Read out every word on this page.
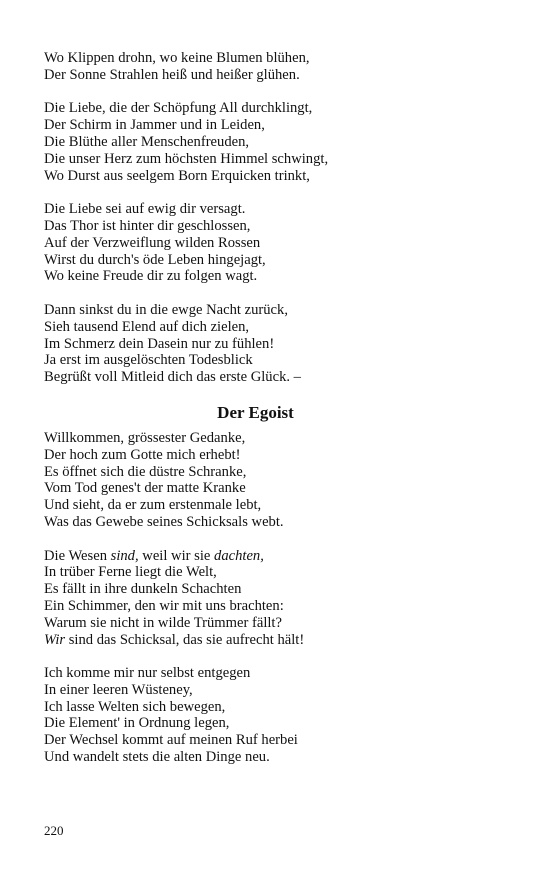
Wo Klippen drohn, wo keine Blumen blühen,
Der Sonne Strahlen heiß und heißer glühen.
Die Liebe, die der Schöpfung All durchklingt,
Der Schirm in Jammer und in Leiden,
Die Blüthe aller Menschenfreuden,
Die unser Herz zum höchsten Himmel schwingt,
Wo Durst aus seelgem Born Erquicken trinkt,
Die Liebe sei auf ewig dir versagt.
Das Thor ist hinter dir geschlossen,
Auf der Verzweiflung wilden Rossen
Wirst du durch's öde Leben hingejagt,
Wo keine Freude dir zu folgen wagt.
Dann sinkst du in die ewge Nacht zurück,
Sieh tausend Elend auf dich zielen,
Im Schmerz dein Dasein nur zu fühlen!
Ja erst im ausgelöschten Todesblick
Begrüßt voll Mitleid dich das erste Glück. –
Der Egoist
Willkommen, grössester Gedanke,
Der hoch zum Gotte mich erhebt!
Es öffnet sich die düstre Schranke,
Vom Tod genes't der matte Kranke
Und sieht, da er zum erstenmale lebt,
Was das Gewebe seines Schicksals webt.
Die Wesen sind, weil wir sie dachten,
In trüber Ferne liegt die Welt,
Es fällt in ihre dunkeln Schachten
Ein Schimmer, den wir mit uns brachten:
Warum sie nicht in wilde Trümmer fällt?
Wir sind das Schicksal, das sie aufrecht hält!
Ich komme mir nur selbst entgegen
In einer leeren Wüsteney,
Ich lasse Welten sich bewegen,
Die Element' in Ordnung legen,
Der Wechsel kommt auf meinen Ruf herbei
Und wandelt stets die alten Dinge neu.
220
